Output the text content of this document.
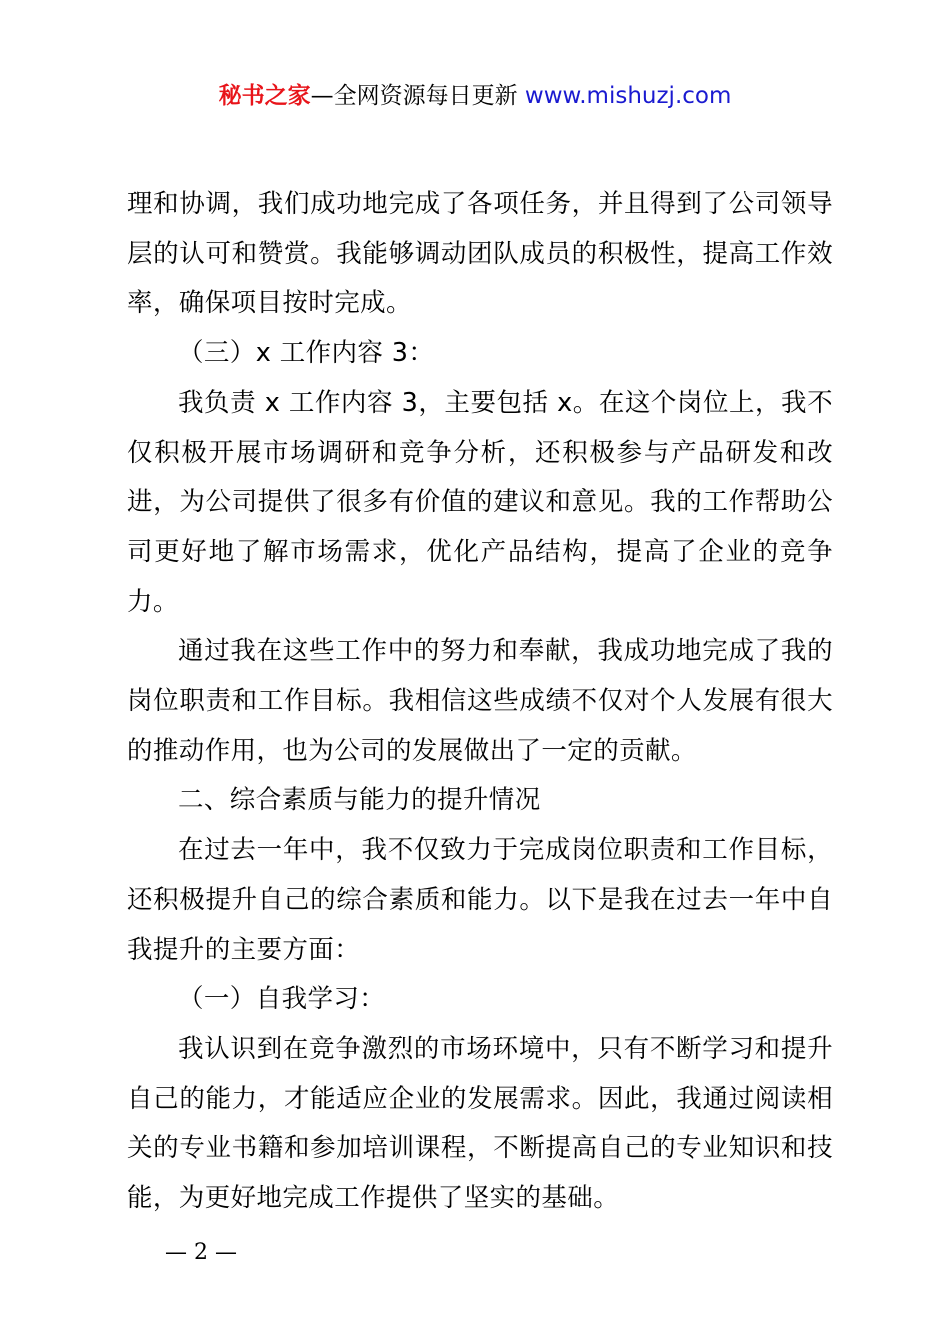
秘书之家—全网资源每日更新 www.mishuzj.com

理和协调，我们成功地完成了各项任务，并且得到了公司领导层的认可和赞赏。我能够调动团队成员的积极性，提高工作效率，确保项目按时完成。

（三）x 工作内容 3：

我负责 x 工作内容 3，主要包括 x。在这个岗位上，我不仅积极开展市场调研和竞争分析，还积极参与产品研发和改进，为公司提供了很多有价值的建议和意见。我的工作帮助公司更好地了解市场需求，优化产品结构，提高了企业的竞争力。

通过我在这些工作中的努力和奉献，我成功地完成了我的岗位职责和工作目标。我相信这些成绩不仅对个人发展有很大的推动作用，也为公司的发展做出了一定的贡献。

二、综合素质与能力的提升情况

在过去一年中，我不仅致力于完成岗位职责和工作目标，还积极提升自己的综合素质和能力。以下是我在过去一年中自我提升的主要方面：

（一）自我学习：

我认识到在竞争激烈的市场环境中，只有不断学习和提升自己的能力，才能适应企业的发展需求。因此，我通过阅读相关的专业书籍和参加培训课程，不断提高自己的专业知识和技能，为更好地完成工作提供了坚实的基础。

— 2 —
